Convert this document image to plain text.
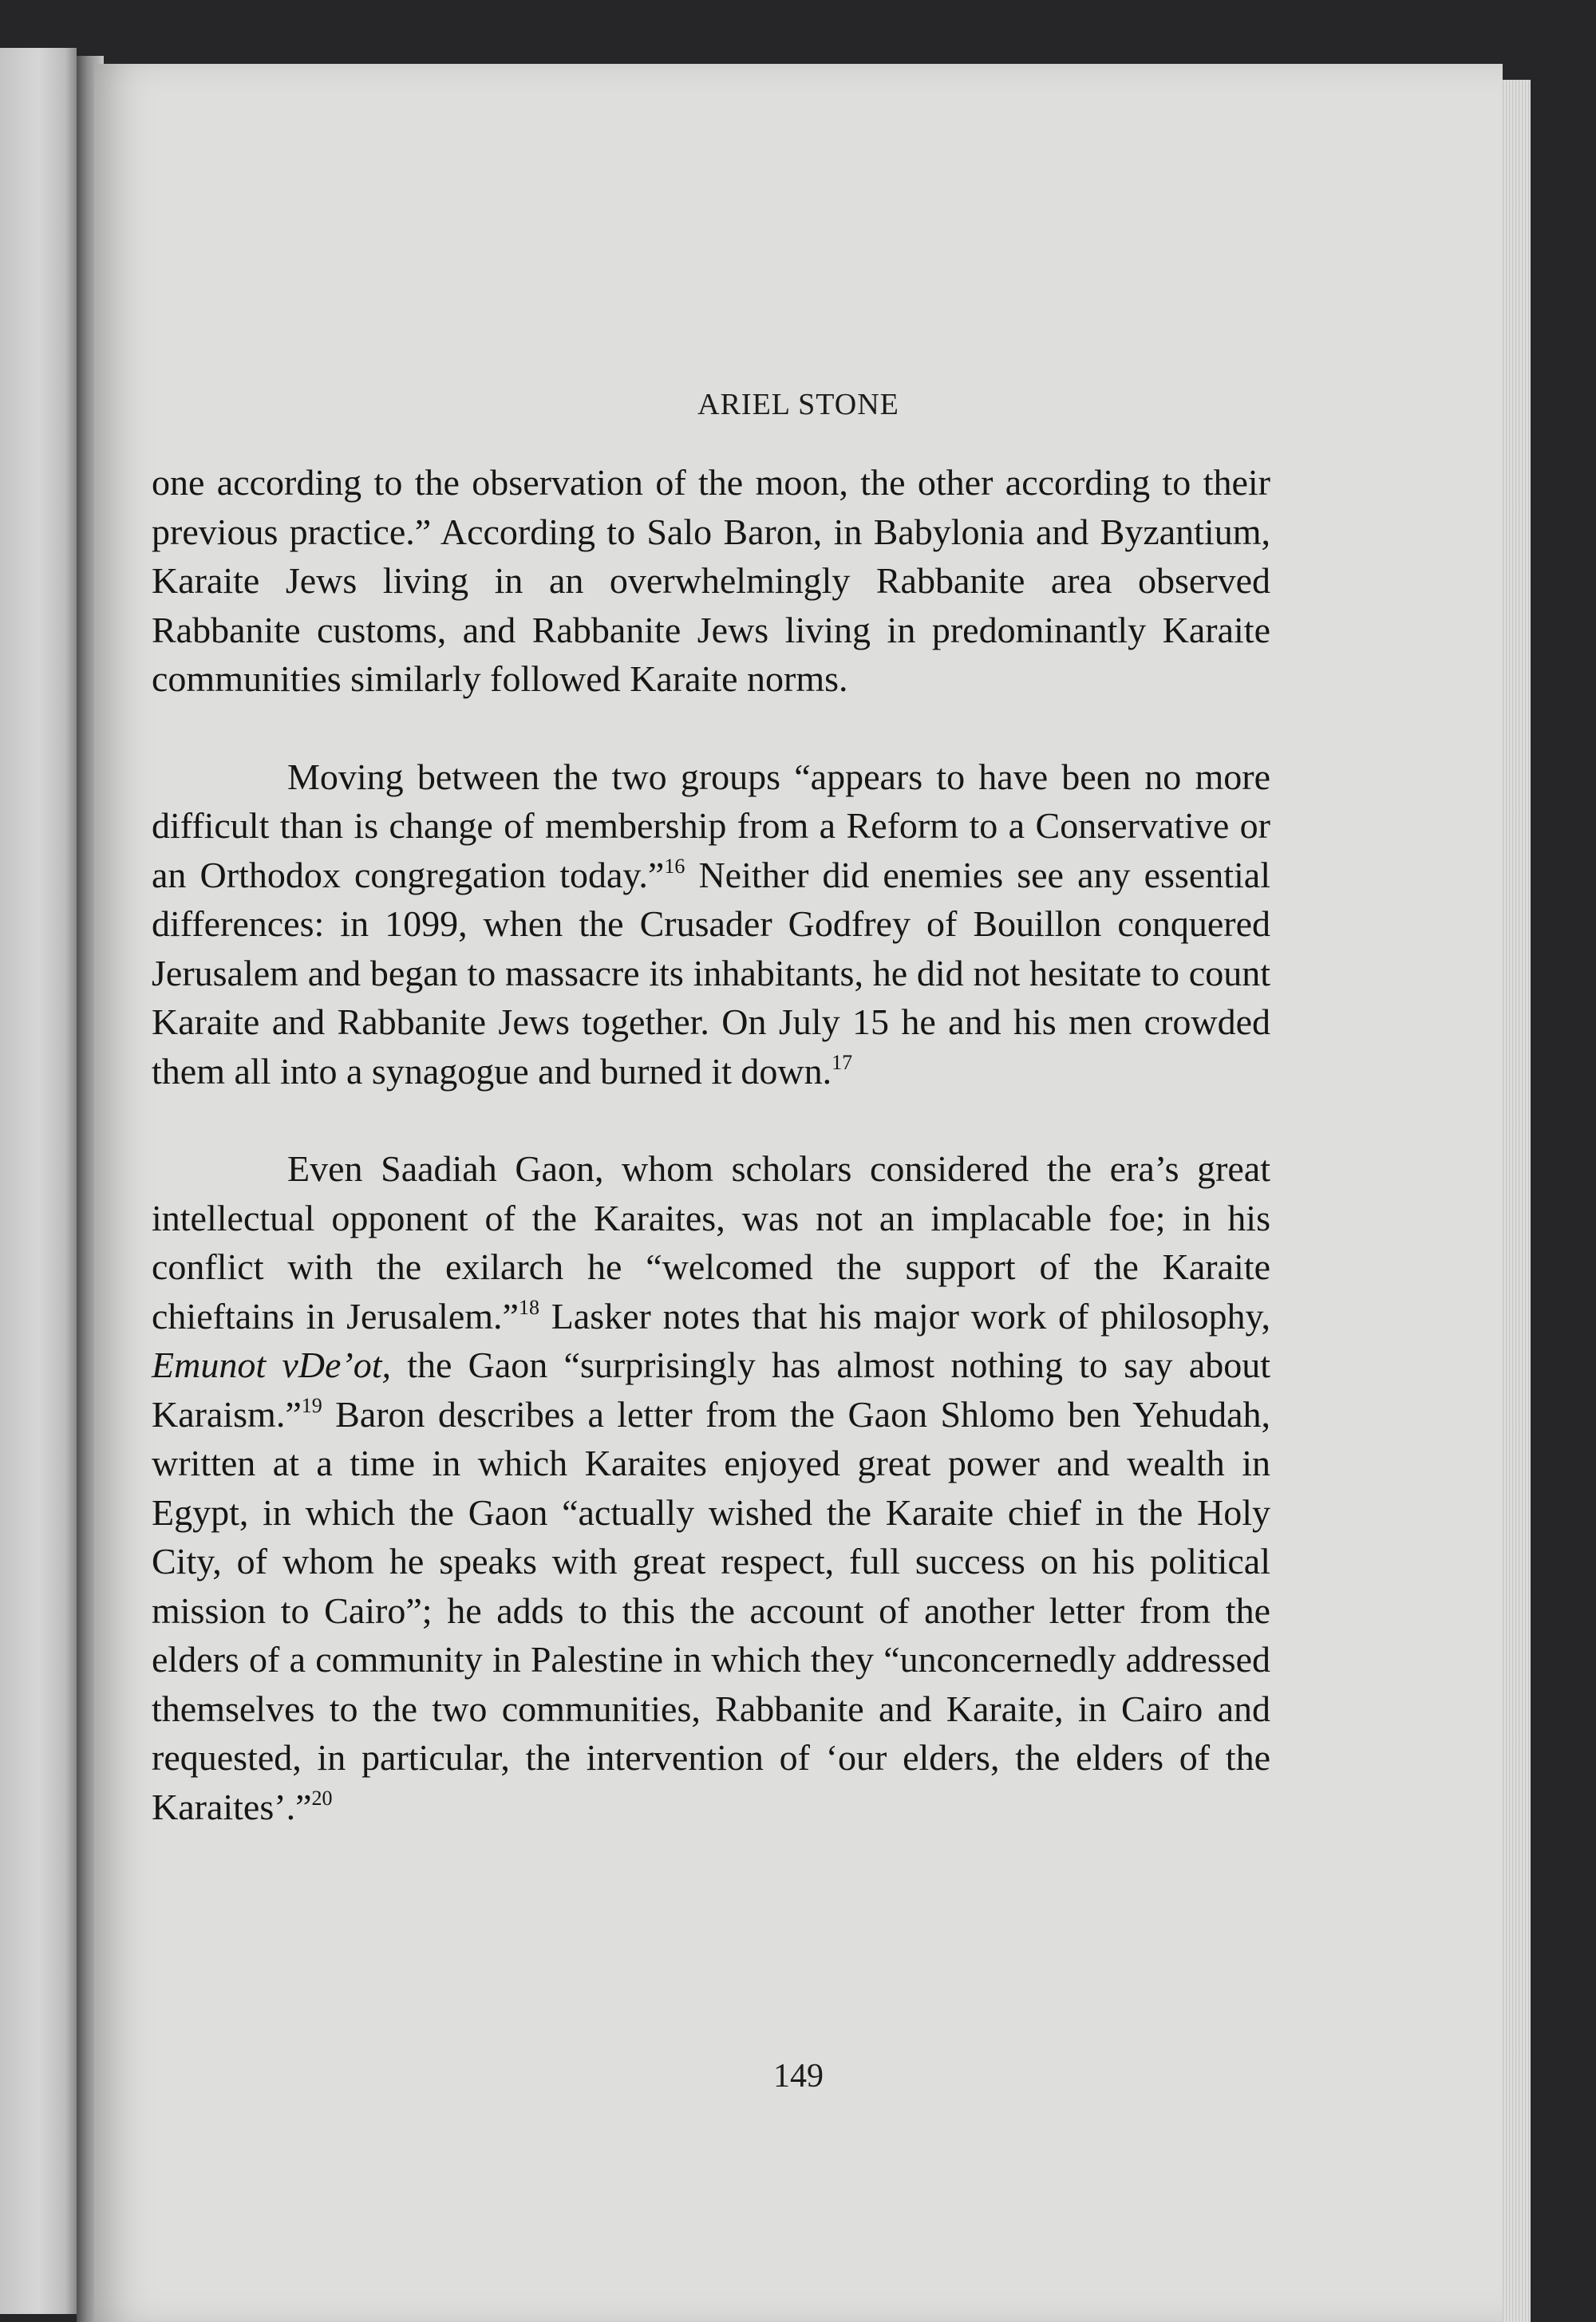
ARIEL STONE

one according to the observation of the moon, the other according to their previous practice.” According to Salo Baron, in Babylonia and Byzantium, Karaite Jews living in an overwhelmingly Rabbanite area observed Rabbanite customs, and Rabbanite Jews living in predominantly Karaite communities similarly followed Karaite norms.

Moving between the two groups “appears to have been no more difficult than is change of membership from a Reform to a Conservative or an Orthodox congregation today.”$^{16}$ Neither did enemies see any essential differences: in 1099, when the Crusader Godfrey of Bouillon conquered Jerusalem and began to massacre its inhabitants, he did not hesitate to count Karaite and Rabbanite Jews together. On July 15 he and his men crowded them all into a synagogue and burned it down.$^{17}$

Even Saadiah Gaon, whom scholars considered the era’s great intellectual opponent of the Karaites, was not an implacable foe; in his conflict with the exilarch he “welcomed the support of the Karaite chieftains in Jerusalem.”$^{18}$ Lasker notes that his major work of philosophy, Emunot vDe’ot, the Gaon “surprisingly has almost nothing to say about Karaism.”$^{19}$ Baron describes a letter from the Gaon Shlomo ben Yehudah, written at a time in which Karaites enjoyed great power and wealth in Egypt, in which the Gaon “actually wished the Karaite chief in the Holy City, of whom he speaks with great respect, full success on his political mission to Cairo”; he adds to this the account of another letter from the elders of a community in Palestine in which they “unconcernedly addressed themselves to the two communities, Rabbanite and Karaite, in Cairo and requested, in particular, the intervention of ‘our elders, the elders of the Karaites’.”$^{20}$

149
